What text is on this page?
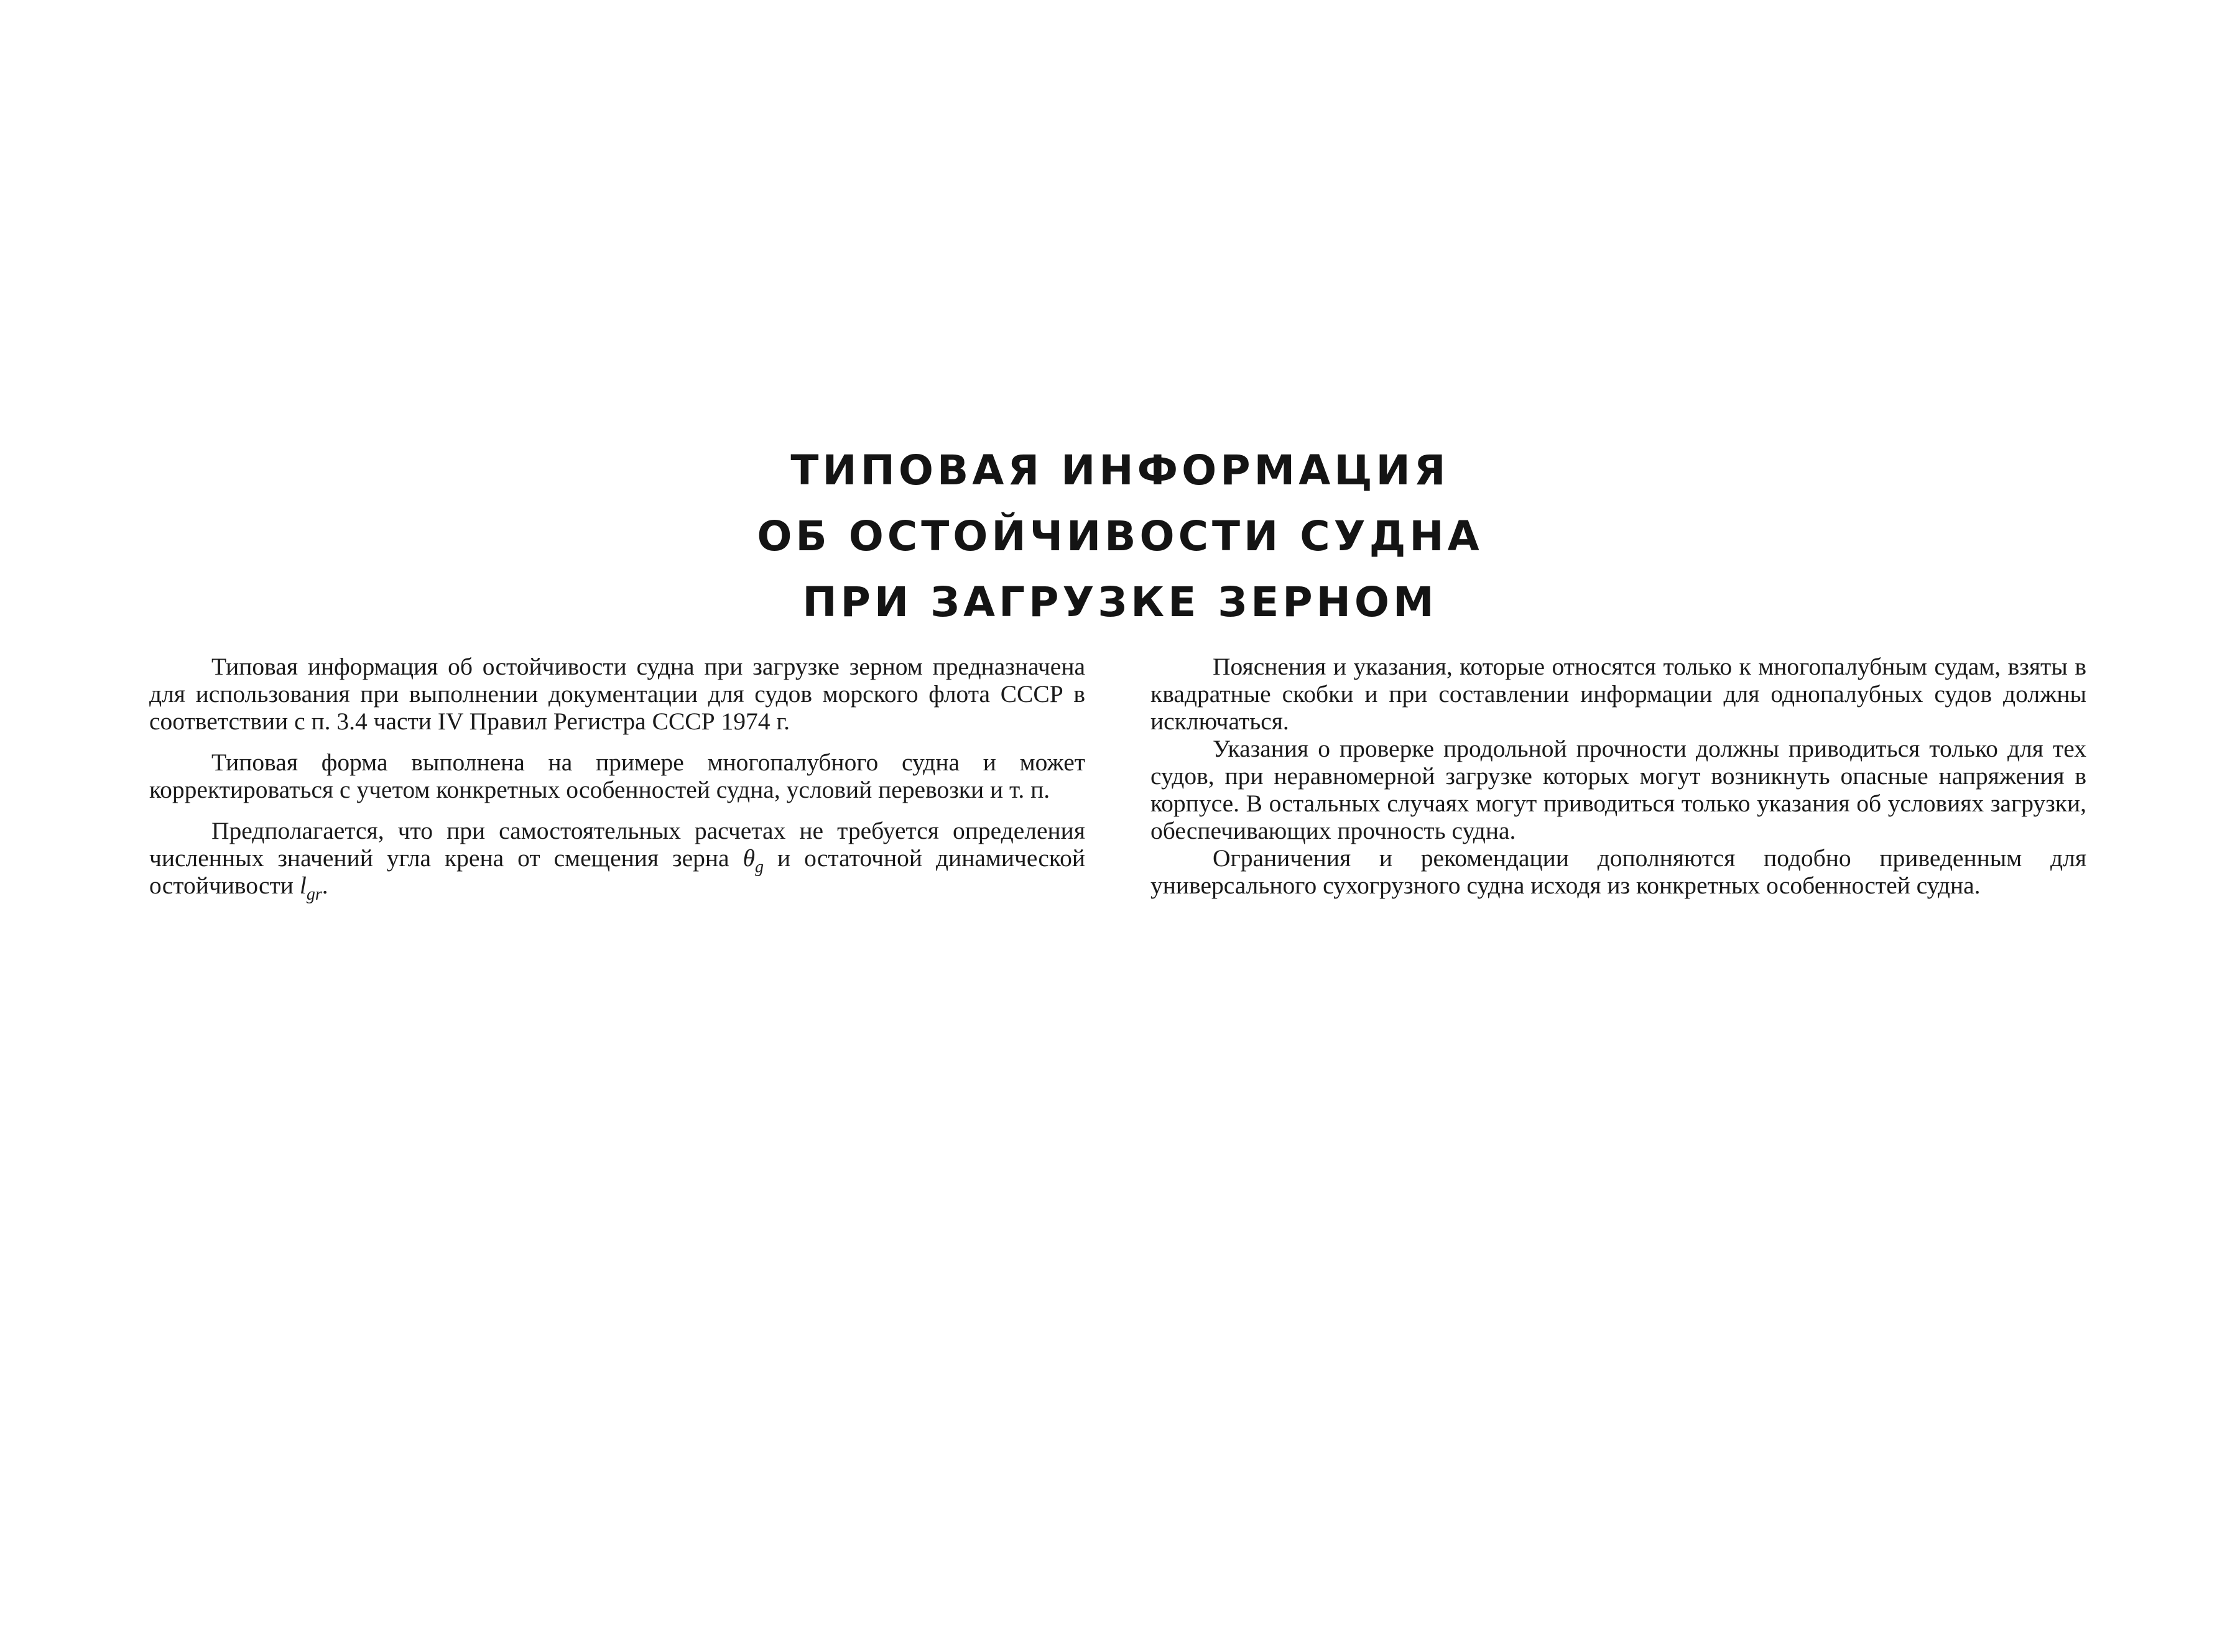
ТИПОВАЯ ИНФОРМАЦИЯ
ОБ ОСТОЙЧИВОСТИ СУДНА
ПРИ ЗАГРУЗКЕ ЗЕРНОМ

Типовая информация об остойчивости судна при загрузке зерном предназначена для использования при выполнении документации для судов морского флота СССР в соответствии с п. 3.4 части IV Правил Регистра СССР 1974 г.

Типовая форма выполнена на примере многопалубного судна и может корректироваться с учетом конкретных особенностей судна, условий перевозки и т. п.

Предполагается, что при самостоятельных расчетах не требуется определения численных значений угла крена от смещения зерна $\theta_g$ и остаточной динамической остойчивости $l_{gr}$.

Пояснения и указания, которые относятся только к многопалубным судам, взяты в квадратные скобки и при составлении информации для однопалубных судов должны исключаться.

Указания о проверке продольной прочности должны приводиться только для тех судов, при неравномерной загрузке которых могут возникнуть опасные напряжения в корпусе. В остальных случаях могут приводиться только указания об условиях загрузки, обеспечивающих прочность судна.

Ограничения и рекомендации дополняются подобно приведенным для универсального сухогрузного судна исходя из конкретных особенностей судна.
